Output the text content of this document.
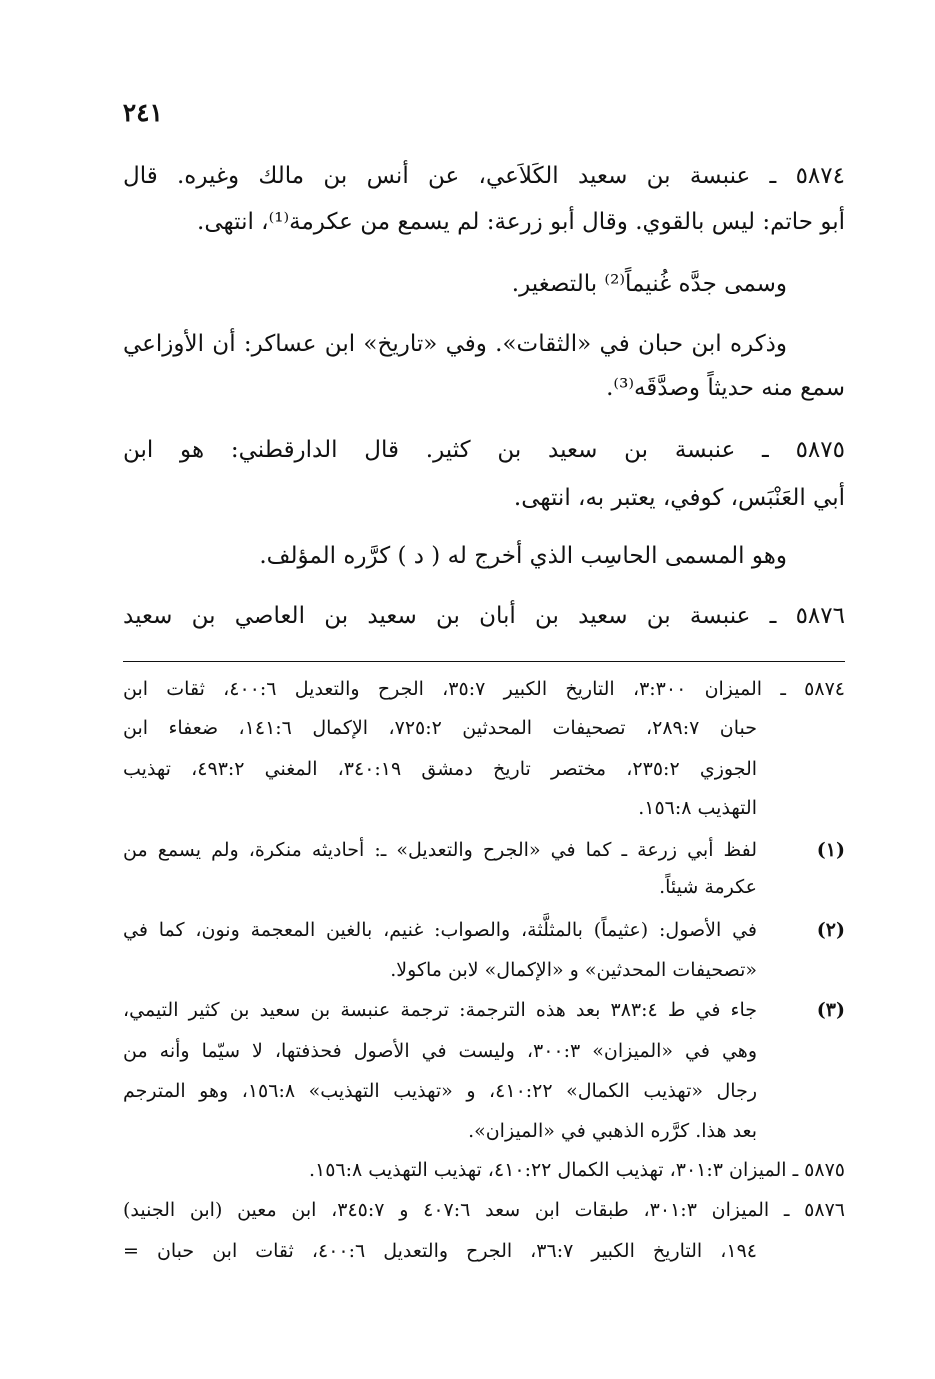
٢٤١
٥٨٧٤ ـ عنبسة بن سعيد الكَلاَعي، عن أنس بن مالك وغيره. قال
أبو حاتم: ليس بالقوي. وقال أبو زرعة: لم يسمع من عكرمة⁽¹⁾، انتهى.
وسمى جدَّه غُنيماً⁽²⁾ بالتصغير.
وذكره ابن حبان في «الثقات». وفي «تاريخ» ابن عساكر: أن الأوزاعي
سمع منه حديثاً وصدَّقَه⁽³⁾.
٥٨٧٥ ـ عنبسة بن سعيد بن كثير. قال الدارقطني: هو ابن
أبي العَنْبَس، كوفي، يعتبر به، انتهى.
وهو المسمى الحاسِب الذي أخرج له ( د ) كرَّره المؤلف.
٥٨٧٦ ـ عنبسة بن سعيد بن أبان بن سعيد بن العاصي بن سعيد
٥٨٧٤ ـ الميزان ٣:٣٠٠، التاريخ الكبير ٣٥:٧، الجرح والتعديل ٤٠٠:٦، ثقات ابن
حبان ٢٨٩:٧، تصحيفات المحدثين ٧٢٥:٢، الإكمال ١٤١:٦، ضعفاء ابن
الجوزي ٢٣٥:٢، مختصر تاريخ دمشق ٣٤٠:١٩، المغني ٤٩٣:٢، تهذيب
التهذيب ١٥٦:٨.
(١)
لفظ أبي زرعة ـ كما في «الجرح والتعديل» ـ: أحاديثه منكرة، ولم يسمع من
عكرمة شيئاً.
(٢)
في الأصول: (عثيماً) بالمثلَّثة، والصواب: غنيم، بالغين المعجمة ونون، كما في
«تصحيفات المحدثين» و «الإكمال» لابن ماكولا.
(٣)
جاء في ط ٣٨٣:٤ بعد هذه الترجمة: ترجمة عنبسة بن سعيد بن كثير التيمي،
وهي في «الميزان» ٣٠٠:٣، وليست في الأصول فحذفتها، لا سيّما وأنه من
رجال «تهذيب الكمال» ٤١٠:٢٢، و «تهذيب التهذيب» ١٥٦:٨، وهو المترجم
بعد هذا. كرَّره الذهبي في «الميزان».
٥٨٧٥ ـ الميزان ٣٠١:٣، تهذيب الكمال ٤١٠:٢٢، تهذيب التهذيب ١٥٦:٨.
٥٨٧٦ ـ الميزان ٣٠١:٣، طبقات ابن سعد ٤٠٧:٦ و ٣٤٥:٧، ابن معين (ابن الجنيد)
١٩٤، التاريخ الكبير ٣٦:٧، الجرح والتعديل ٤٠٠:٦، ثقات ابن حبان =
